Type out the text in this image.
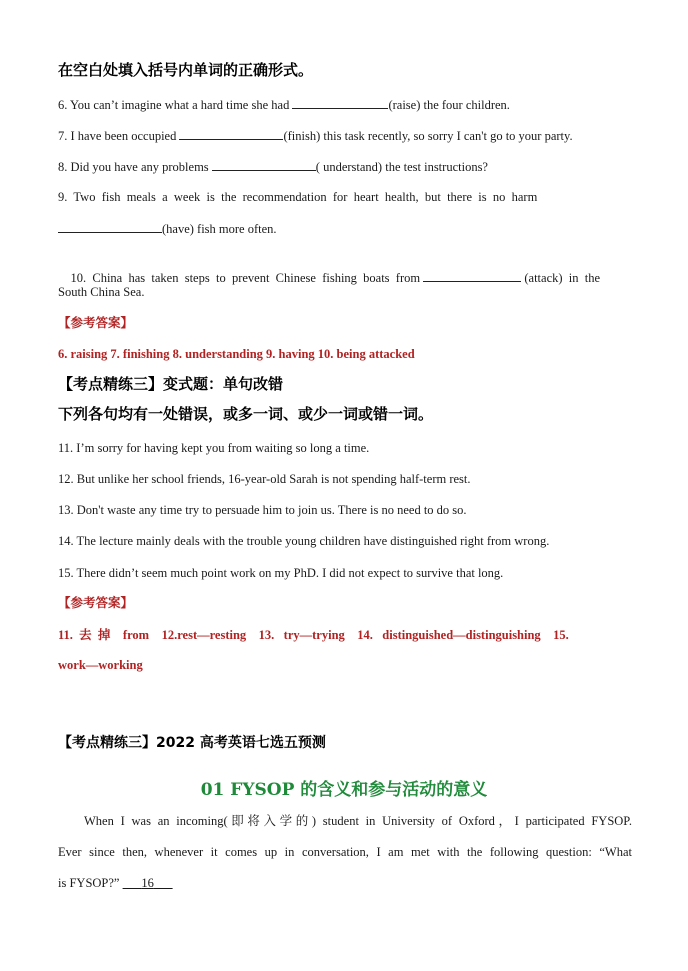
在空白处填入括号内单词的正确形式。
6. You can’t imagine what a hard time she had	(raise) the four children.
7. I have been occupied	(finish) this task recently, so sorry I can't go to your party.
8. Did you have any problems	( understand) the test instructions?
9.  Two  fish  meals  a  week  is  the  recommendation  for  heart  health,  but  there  is  no  harm
(have) fish more often.

10.  China  has  taken  steps  to  prevent  Chinese  fishing  boats  from	(attack)  in  the

South China Sea.
【参考答案】
6. raising 7. finishing 8. understanding 9. having 10. being attacked
【考点精练三】变式题：单句改错
下列各句均有一处错误，或多一词、或少一词或错一词。
11. I’m sorry for having kept you from waiting so long a time.
12. But unlike her school friends, 16-year-old Sarah is not spending half-term rest.
13. Don't waste any time try to persuade him to join us. There is no need to do so.
14. The lecture mainly deals with the trouble young children have distinguished right from wrong.
15. There didn’t seem much point work on my PhD. I did not expect to survive that long.
【参考答案】
11.  去  掉    from    12.rest—resting    13.   try—trying    14.   distinguished—distinguishing    15.
work—working
【考点精练三】2022 高考英语七选五预测
01 FYSOP 的含义和参与活动的意义
When I was an incoming(即将入学的) student in University of Oxford，I participated FYSOP.
Ever since then, whenever it comes up in conversation, I am met with the following question: “What
is FYSOP?”   16  
